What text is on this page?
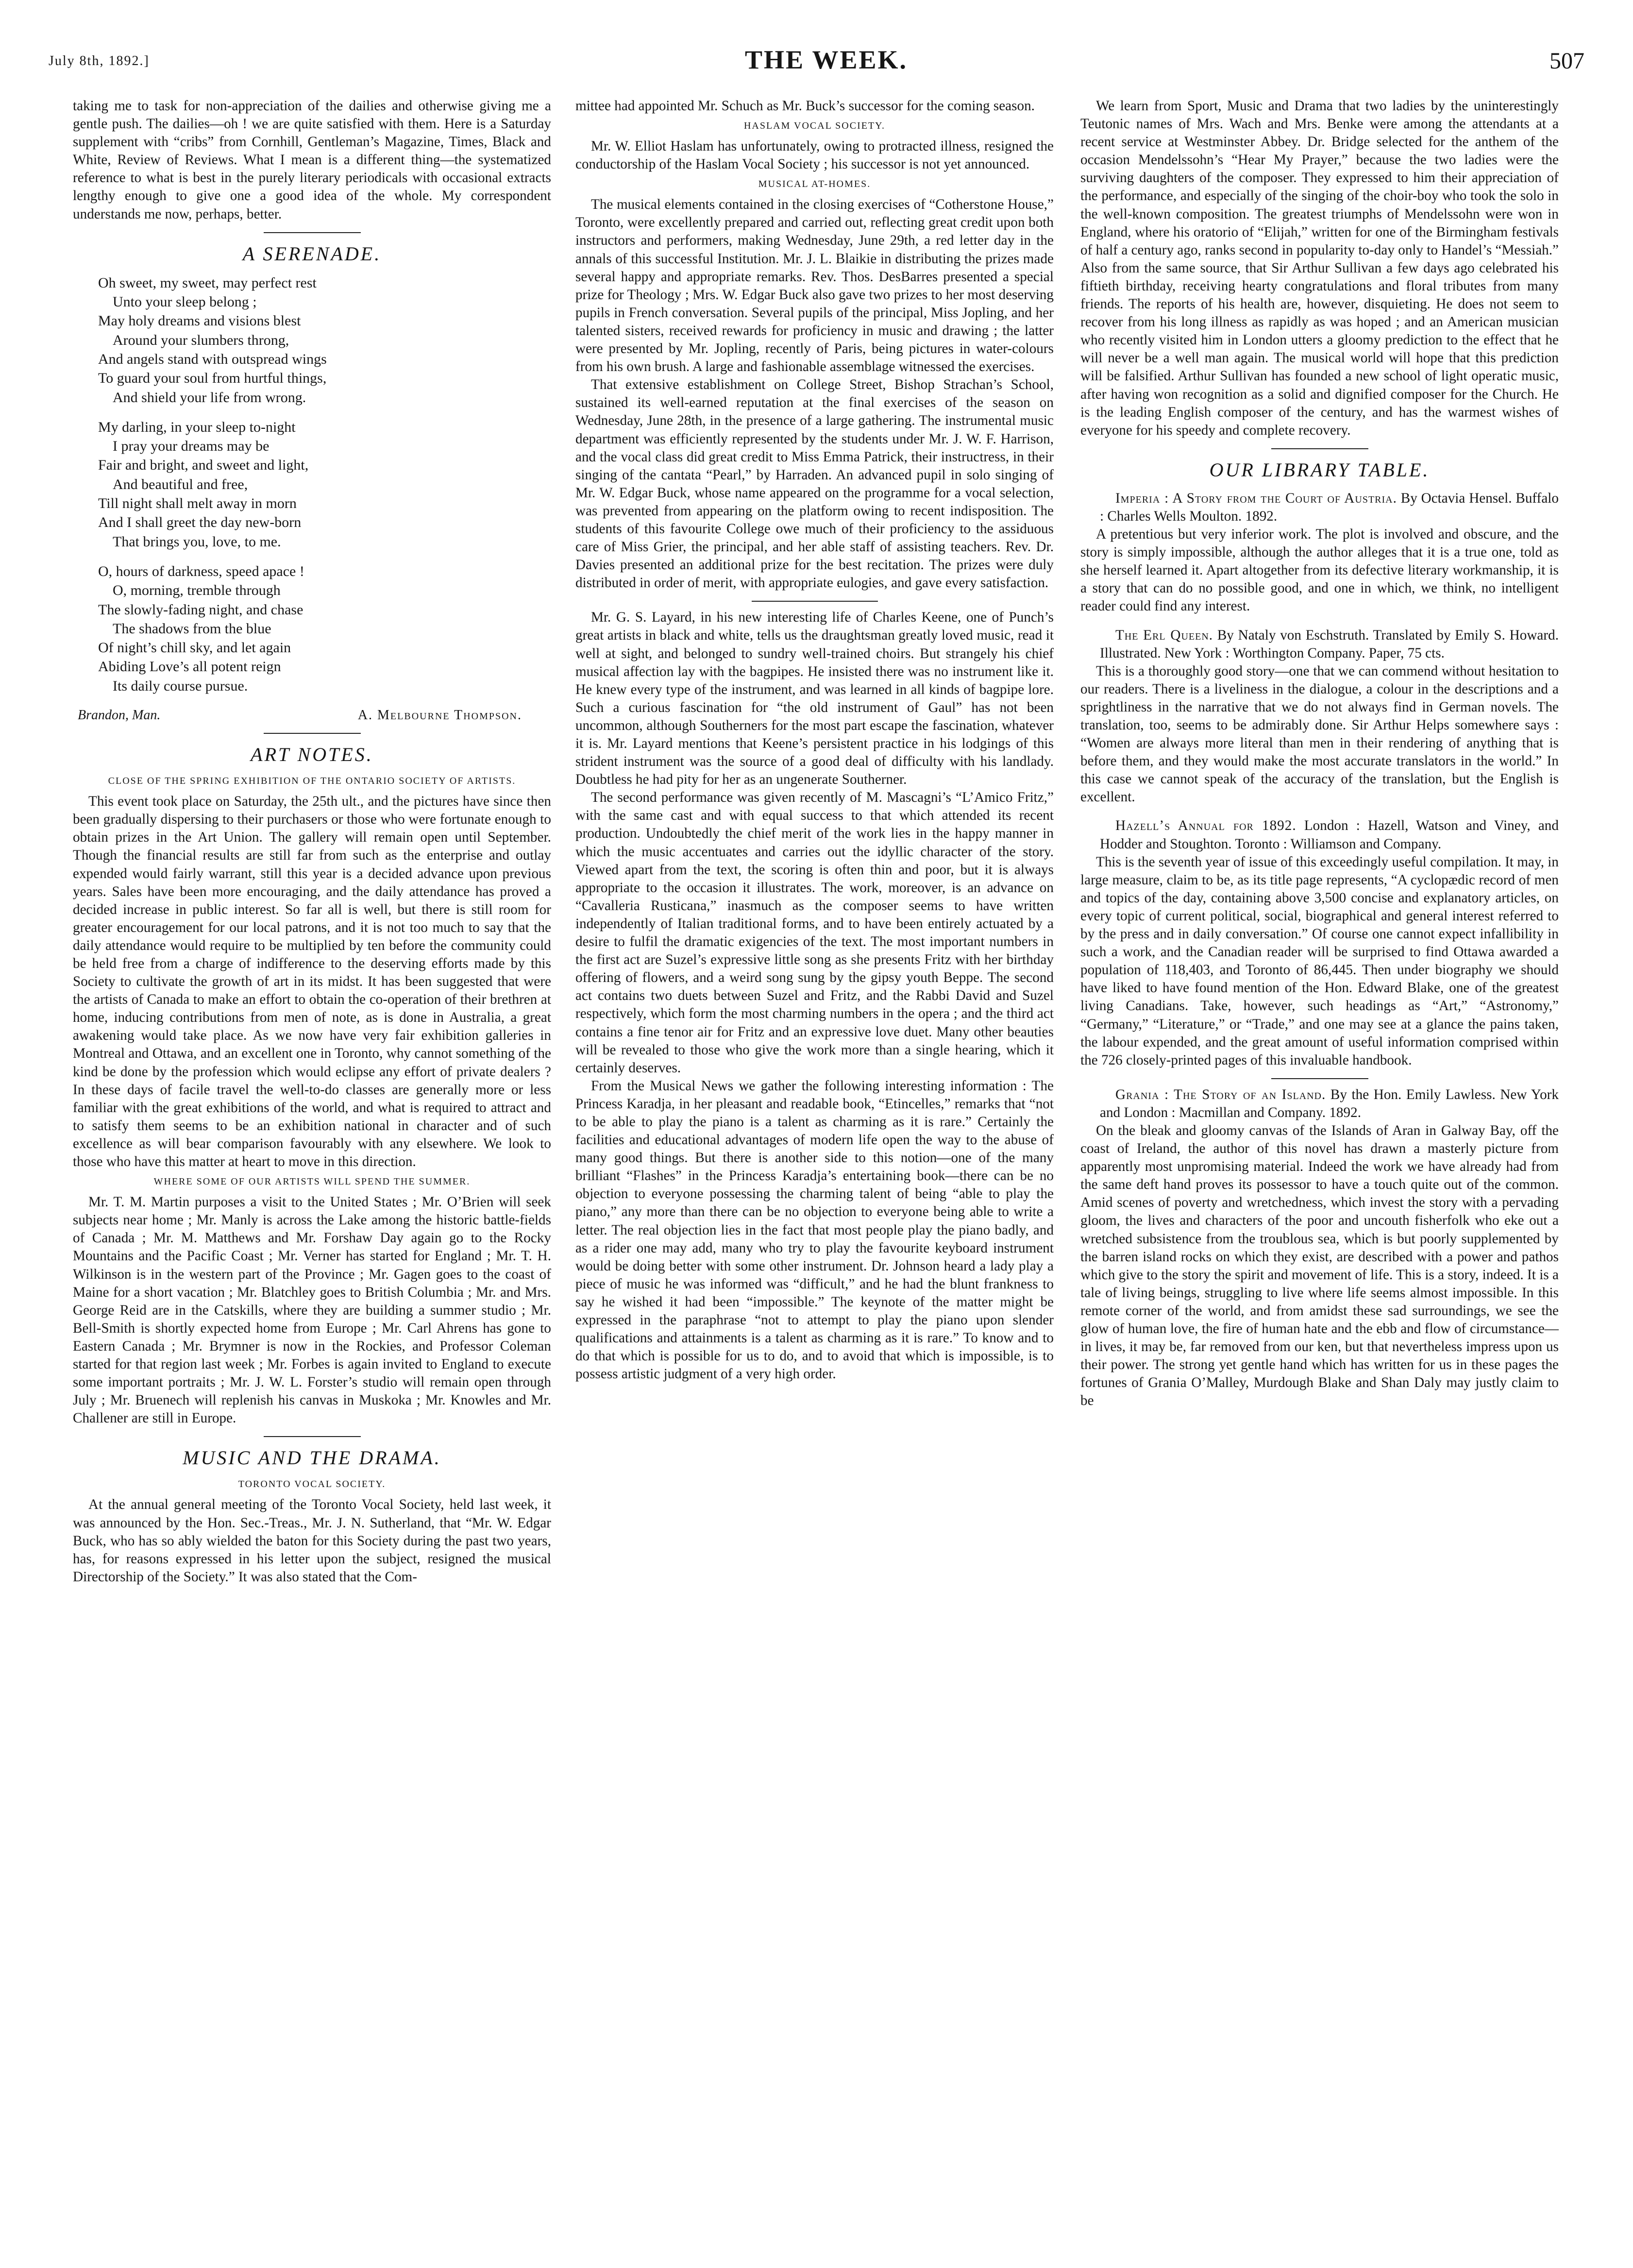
July 8th, 1892.]	THE WEEK.	507

taking me to task for non-appreciation of the dailies and otherwise giving me a gentle push. The dailies—oh ! we are quite satisfied with them. Here is a Saturday supplement with “cribs” from Cornhill, Gentleman’s Magazine, Times, Black and White, Review of Reviews. What I mean is a different thing—the systematized reference to what is best in the purely literary periodicals with occasional extracts lengthy enough to give one a good idea of the whole. My correspondent understands me now, perhaps, better.

A SERENADE.
Oh sweet, my sweet, may perfect rest
Unto your sleep belong ;
May holy dreams and visions blest
Around your slumbers throng,
And angels stand with outspread wings
To guard your soul from hurtful things,
And shield your life from wrong.
My darling, in your sleep to-night
I pray your dreams may be
Fair and bright, and sweet and light,
And beautiful and free,
Till night shall melt away in morn
And I shall greet the day new-born
That brings you, love, to me.
O, hours of darkness, speed apace !
O, morning, tremble through
The slowly-fading night, and chase
The shadows from the blue
Of night’s chill sky, and let again
Abiding Love’s all potent reign
Its daily course pursue.
Brandon, Man.	A. Melbourne Thompson.
ART NOTES.
CLOSE OF THE SPRING EXHIBITION OF THE ONTARIO SOCIETY OF ARTISTS.

This event took place on Saturday, the 25th ult., and the pictures have since then been gradually dispersing to their purchasers or those who were fortunate enough to obtain prizes in the Art Union. The gallery will remain open until September. Though the financial results are still far from such as the enterprise and outlay expended would fairly warrant, still this year is a decided advance upon previous years. Sales have been more encouraging, and the daily attendance has proved a decided increase in public interest. So far all is well, but there is still room for greater encouragement for our local patrons, and it is not too much to say that the daily attendance would require to be multiplied by ten before the community could be held free from a charge of indifference to the deserving efforts made by this Society to cultivate the growth of art in its midst. It has been suggested that were the artists of Canada to make an effort to obtain the co-operation of their brethren at home, inducing contributions from men of note, as is done in Australia, a great awakening would take place. As we now have very fair exhibition galleries in Montreal and Ottawa, and an excellent one in Toronto, why cannot something of the kind be done by the profession which would eclipse any effort of private dealers ? In these days of facile travel the well-to-do classes are generally more or less familiar with the great exhibitions of the world, and what is required to attract and to satisfy them seems to be an exhibition national in character and of such excellence as will bear comparison favourably with any elsewhere. We look to those who have this matter at heart to move in this direction.

WHERE SOME OF OUR ARTISTS WILL SPEND THE SUMMER.

Mr. T. M. Martin purposes a visit to the United States ; Mr. O’Brien will seek subjects near home ; Mr. Manly is across the Lake among the historic battle-fields of Canada ; Mr. M. Matthews and Mr. Forshaw Day again go to the Rocky Mountains and the Pacific Coast ; Mr. Verner has started for England ; Mr. T. H. Wilkinson is in the western part of the Province ; Mr. Gagen goes to the coast of Maine for a short vacation ; Mr. Blatchley goes to British Columbia ; Mr. and Mrs. George Reid are in the Catskills, where they are building a summer studio ; Mr. Bell-Smith is shortly expected home from Europe ; Mr. Carl Ahrens has gone to Eastern Canada ; Mr. Brymner is now in the Rockies, and Professor Coleman started for that region last week ; Mr. Forbes is again invited to England to execute some important portraits ; Mr. J. W. L. Forster’s studio will remain open through July ; Mr. Bruenech will replenish his canvas in Muskoka ; Mr. Knowles and Mr. Challener are still in Europe.

MUSIC AND THE DRAMA.
TORONTO VOCAL SOCIETY.

At the annual general meeting of the Toronto Vocal Society, held last week, it was announced by the Hon. Sec.-Treas., Mr. J. N. Sutherland, that “Mr. W. Edgar Buck, who has so ably wielded the baton for this Society during the past two years, has, for reasons expressed in his letter upon the subject, resigned the musical Directorship of the Society.” It was also stated that the Com-

mittee had appointed Mr. Schuch as Mr. Buck’s successor for the coming season.

HASLAM VOCAL SOCIETY.

Mr. W. Elliot Haslam has unfortunately, owing to protracted illness, resigned the conductorship of the Haslam Vocal Society ; his successor is not yet announced.

MUSICAL AT-HOMES.

The musical elements contained in the closing exercises of “Cotherstone House,” Toronto, were excellently prepared and carried out, reflecting great credit upon both instructors and performers, making Wednesday, June 29th, a red letter day in the annals of this successful Institution. Mr. J. L. Blaikie in distributing the prizes made several happy and appropriate remarks. Rev. Thos. DesBarres presented a special prize for Theology ; Mrs. W. Edgar Buck also gave two prizes to her most deserving pupils in French conversation. Several pupils of the principal, Miss Jopling, and her talented sisters, received rewards for proficiency in music and drawing ; the latter were presented by Mr. Jopling, recently of Paris, being pictures in water-colours from his own brush. A large and fashionable assemblage witnessed the exercises.

That extensive establishment on College Street, Bishop Strachan’s School, sustained its well-earned reputation at the final exercises of the season on Wednesday, June 28th, in the presence of a large gathering. The instrumental music department was efficiently represented by the students under Mr. J. W. F. Harrison, and the vocal class did great credit to Miss Emma Patrick, their instructress, in their singing of the cantata “Pearl,” by Harraden. An advanced pupil in solo singing of Mr. W. Edgar Buck, whose name appeared on the programme for a vocal selection, was prevented from appearing on the platform owing to recent indisposition. The students of this favourite College owe much of their proficiency to the assiduous care of Miss Grier, the principal, and her able staff of assisting teachers. Rev. Dr. Davies presented an additional prize for the best recitation. The prizes were duly distributed in order of merit, with appropriate eulogies, and gave every satisfaction.

Mr. G. S. Layard, in his new interesting life of Charles Keene, one of Punch’s great artists in black and white, tells us the draughtsman greatly loved music, read it well at sight, and belonged to sundry well-trained choirs. But strangely his chief musical affection lay with the bagpipes. He insisted there was no instrument like it. He knew every type of the instrument, and was learned in all kinds of bagpipe lore. Such a curious fascination for “the old instrument of Gaul” has not been uncommon, although Southerners for the most part escape the fascination, whatever it is. Mr. Layard mentions that Keene’s persistent practice in his lodgings of this strident instrument was the source of a good deal of difficulty with his landlady. Doubtless he had pity for her as an ungenerate Southerner.

The second performance was given recently of M. Mascagni’s “L’Amico Fritz,” with the same cast and with equal success to that which attended its recent production. Undoubtedly the chief merit of the work lies in the happy manner in which the music accentuates and carries out the idyllic character of the story. Viewed apart from the text, the scoring is often thin and poor, but it is always appropriate to the occasion it illustrates. The work, moreover, is an advance on “Cavalleria Rusticana,” inasmuch as the composer seems to have written independently of Italian traditional forms, and to have been entirely actuated by a desire to fulfil the dramatic exigencies of the text. The most important numbers in the first act are Suzel’s expressive little song as she presents Fritz with her birthday offering of flowers, and a weird song sung by the gipsy youth Beppe. The second act contains two duets between Suzel and Fritz, and the Rabbi David and Suzel respectively, which form the most charming numbers in the opera ; and the third act contains a fine tenor air for Fritz and an expressive love duet. Many other beauties will be revealed to those who give the work more than a single hearing, which it certainly deserves.

From the Musical News we gather the following interesting information : The Princess Karadja, in her pleasant and readable book, “Etincelles,” remarks that “not to be able to play the piano is a talent as charming as it is rare.” Certainly the facilities and educational advantages of modern life open the way to the abuse of many good things. But there is another side to this notion—one of the many brilliant “Flashes” in the Princess Karadja’s entertaining book—there can be no objection to everyone possessing the charming talent of being “able to play the piano,” any more than there can be no objection to everyone being able to write a letter. The real objection lies in the fact that most people play the piano badly, and as a rider one may add, many who try to play the favourite keyboard instrument would be doing better with some other instrument. Dr. Johnson heard a lady play a piece of music he was informed was “difficult,” and he had the blunt frankness to say he wished it had been “impossible.” The keynote of the matter might be expressed in the paraphrase “not to attempt to play the piano upon slender qualifications and attainments is a talent as charming as it is rare.” To know and to do that which is possible for us to do, and to avoid that which is impossible, is to possess artistic judgment of a very high order.

We learn from Sport, Music and Drama that two ladies by the uninterestingly Teutonic names of Mrs. Wach and Mrs. Benke were among the attendants at a recent service at Westminster Abbey. Dr. Bridge selected for the anthem of the occasion Mendelssohn’s “Hear My Prayer,” because the two ladies were the surviving daughters of the composer. They expressed to him their appreciation of the performance, and especially of the singing of the choir-boy who took the solo in the well-known composition. The greatest triumphs of Mendelssohn were won in England, where his oratorio of “Elijah,” written for one of the Birmingham festivals of half a century ago, ranks second in popularity to-day only to Handel’s “Messiah.” Also from the same source, that Sir Arthur Sullivan a few days ago celebrated his fiftieth birthday, receiving hearty congratulations and floral tributes from many friends. The reports of his health are, however, disquieting. He does not seem to recover from his long illness as rapidly as was hoped ; and an American musician who recently visited him in London utters a gloomy prediction to the effect that he will never be a well man again. The musical world will hope that this prediction will be falsified. Arthur Sullivan has founded a new school of light operatic music, after having won recognition as a solid and dignified composer for the Church. He is the leading English composer of the century, and has the warmest wishes of everyone for his speedy and complete recovery.

OUR LIBRARY TABLE.

Imperia : A Story from the Court of Austria. By Octavia Hensel. Buffalo : Charles Wells Moulton. 1892.

A pretentious but very inferior work. The plot is involved and obscure, and the story is simply impossible, although the author alleges that it is a true one, told as she herself learned it. Apart altogether from its defective literary workmanship, it is a story that can do no possible good, and one in which, we think, no intelligent reader could find any interest.

The Erl Queen. By Nataly von Eschstruth. Translated by Emily S. Howard. Illustrated. New York : Worthington Company. Paper, 75 cts.

This is a thoroughly good story—one that we can commend without hesitation to our readers. There is a liveliness in the dialogue, a colour in the descriptions and a sprightliness in the narrative that we do not always find in German novels. The translation, too, seems to be admirably done. Sir Arthur Helps somewhere says : “Women are always more literal than men in their rendering of anything that is before them, and they would make the most accurate translators in the world.” In this case we cannot speak of the accuracy of the translation, but the English is excellent.

Hazell’s Annual for 1892. London : Hazell, Watson and Viney, and Hodder and Stoughton. Toronto : Williamson and Company.

This is the seventh year of issue of this exceedingly useful compilation. It may, in large measure, claim to be, as its title page represents, “A cyclopædic record of men and topics of the day, containing above 3,500 concise and explanatory articles, on every topic of current political, social, biographical and general interest referred to by the press and in daily conversation.” Of course one cannot expect infallibility in such a work, and the Canadian reader will be surprised to find Ottawa awarded a population of 118,403, and Toronto of 86,445. Then under biography we should have liked to have found mention of the Hon. Edward Blake, one of the greatest living Canadians. Take, however, such headings as “Art,” “Astronomy,” “Germany,” “Literature,” or “Trade,” and one may see at a glance the pains taken, the labour expended, and the great amount of useful information comprised within the 726 closely-printed pages of this invaluable handbook.

Grania : The Story of an Island. By the Hon. Emily Lawless. New York and London : Macmillan and Company. 1892.

On the bleak and gloomy canvas of the Islands of Aran in Galway Bay, off the coast of Ireland, the author of this novel has drawn a masterly picture from apparently most unpromising material. Indeed the work we have already had from the same deft hand proves its possessor to have a touch quite out of the common. Amid scenes of poverty and wretchedness, which invest the story with a pervading gloom, the lives and characters of the poor and uncouth fisherfolk who eke out a wretched subsistence from the troublous sea, which is but poorly supplemented by the barren island rocks on which they exist, are described with a power and pathos which give to the story the spirit and movement of life. This is a story, indeed. It is a tale of living beings, struggling to live where life seems almost impossible. In this remote corner of the world, and from amidst these sad surroundings, we see the glow of human love, the fire of human hate and the ebb and flow of circumstance—in lives, it may be, far removed from our ken, but that nevertheless impress upon us their power. The strong yet gentle hand which has written for us in these pages the fortunes of Grania O’Malley, Murdough Blake and Shan Daly may justly claim to be
